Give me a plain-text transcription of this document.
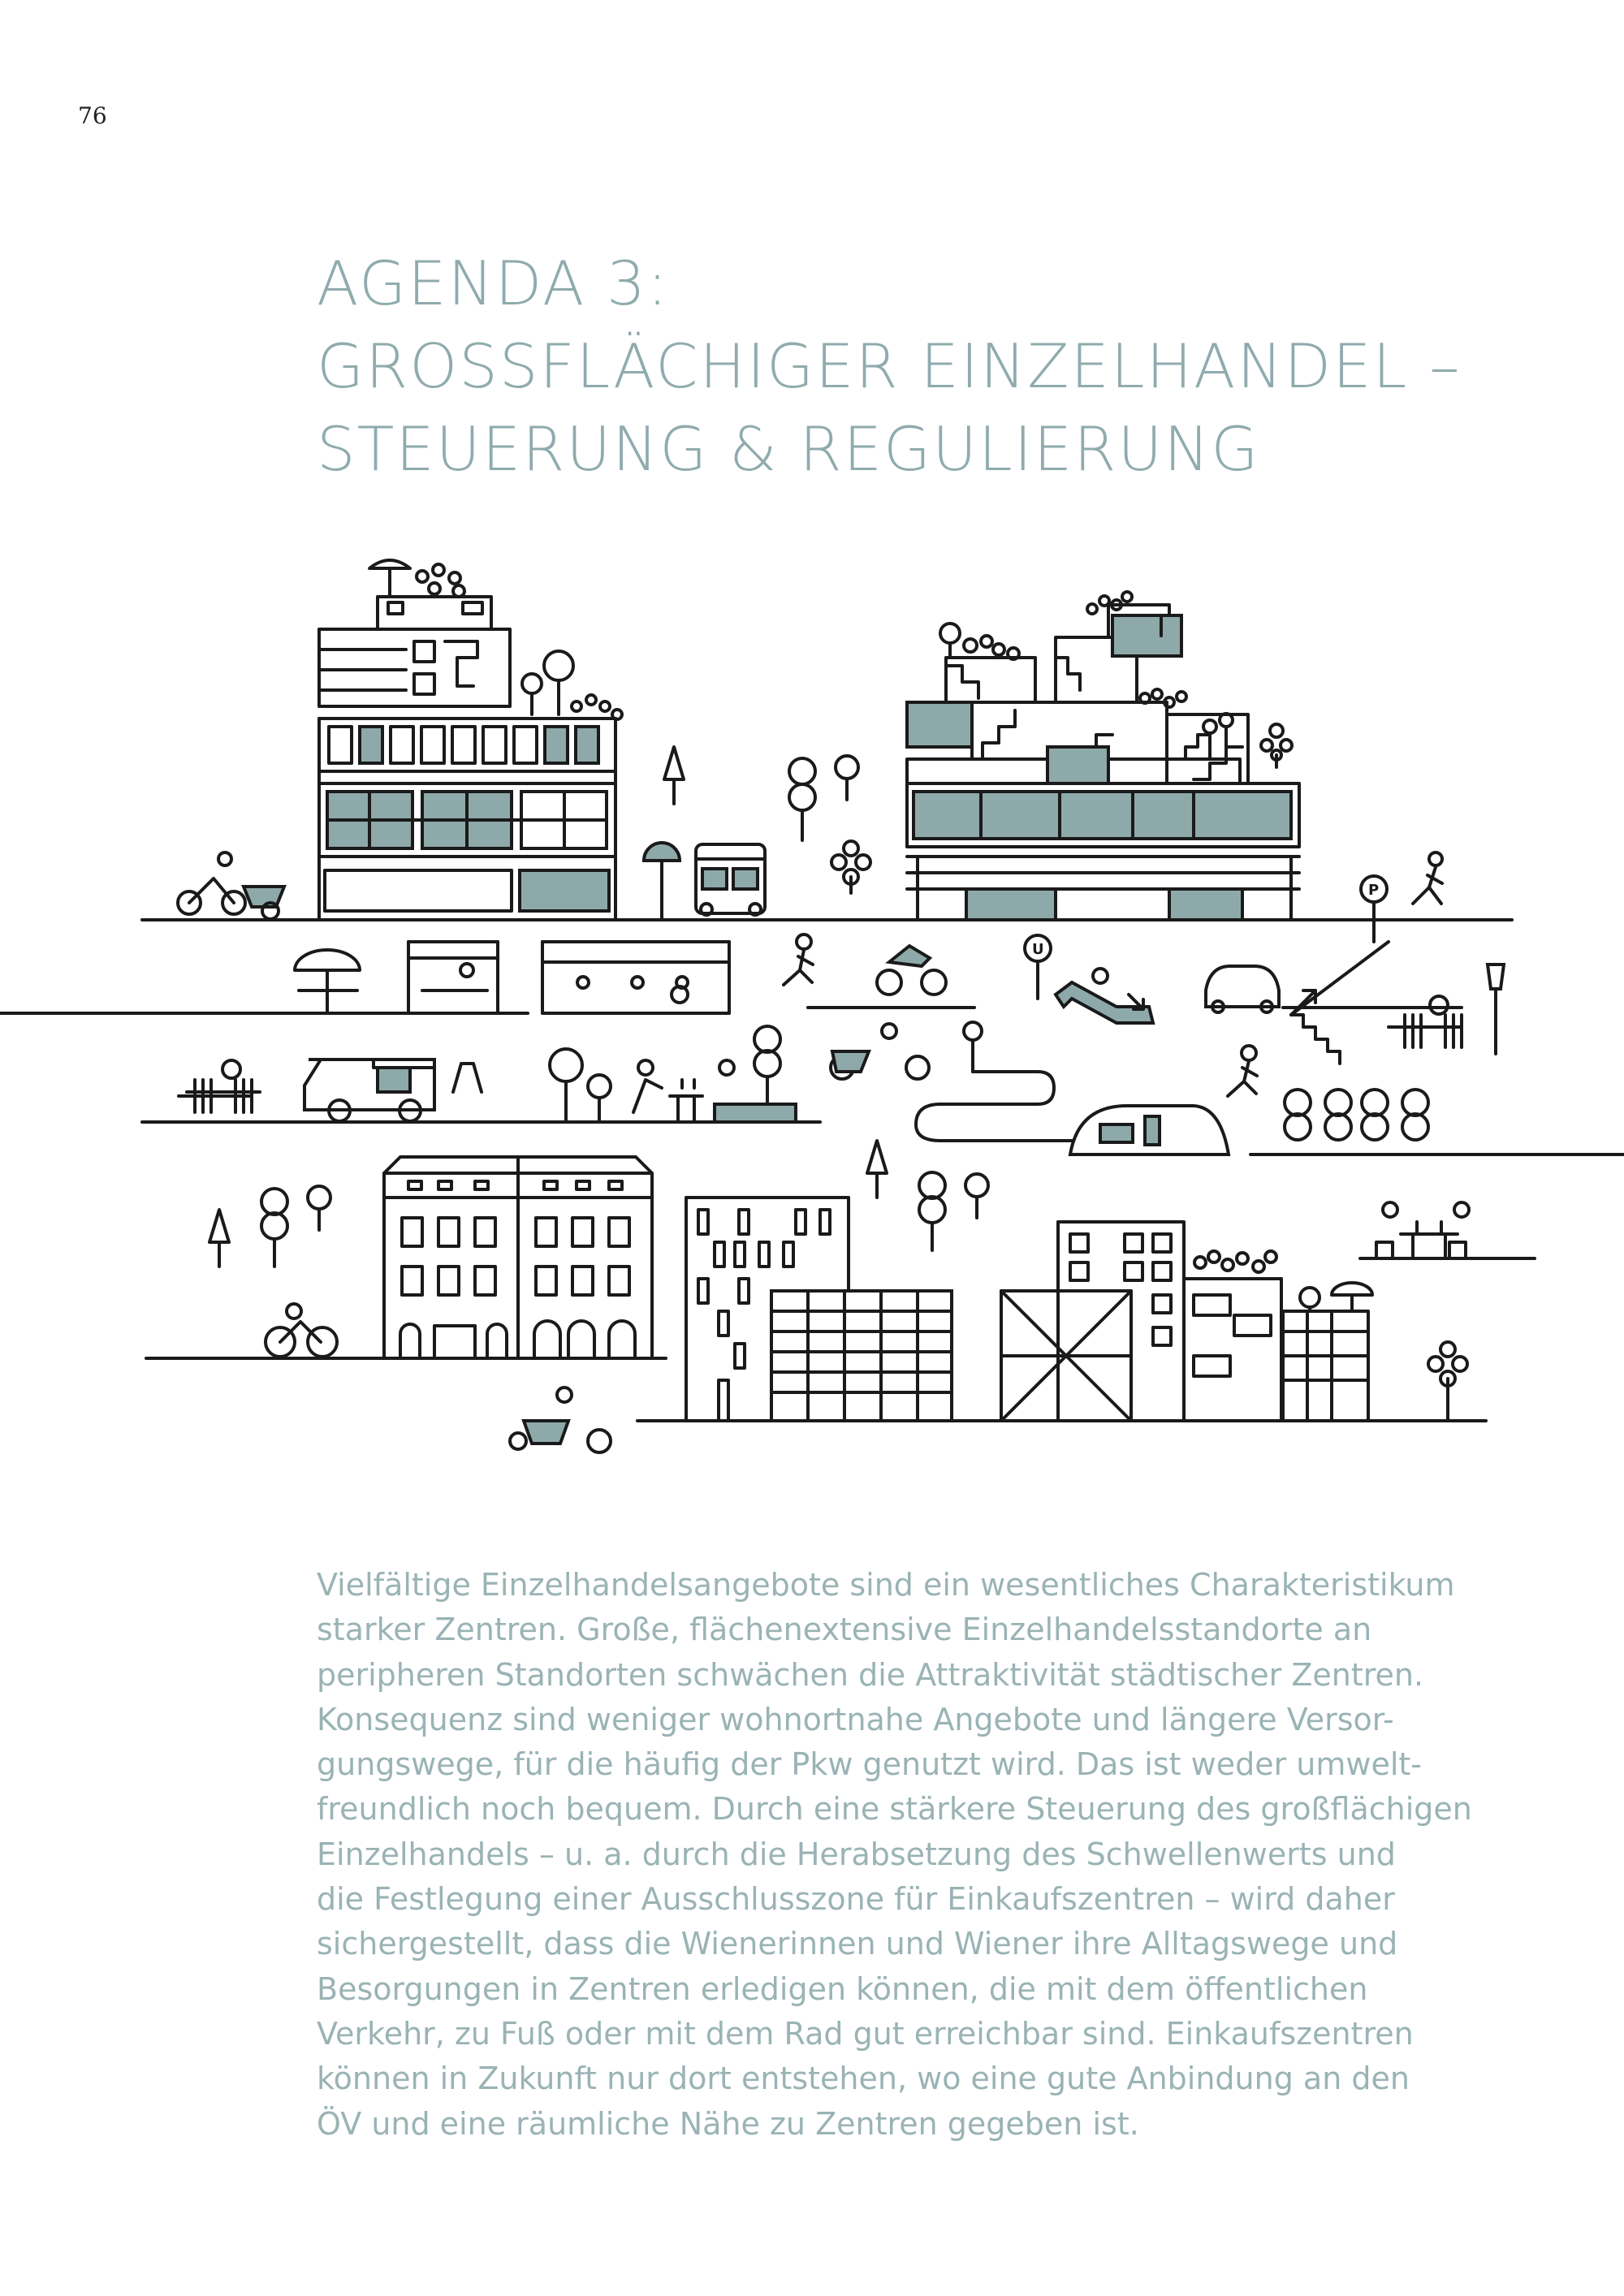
76
AGENDA 3:
GROSSFLÄCHIGER EINZELHANDEL –
STEUERUNG & REGULIERUNG
P
U

Vielfältige Einzelhandelsangebote sind ein wesentliches Charakteristikum
starker Zentren. Große, flächenextensive Einzelhandelsstandorte an
peripheren Standorten schwächen die Attraktivität städtischer Zentren.
Konsequenz sind weniger wohnortnahe Angebote und längere Versor-
gungswege, für die häufig der Pkw genutzt wird. Das ist weder umwelt-
freundlich noch bequem. Durch eine stärkere Steuerung des großflächigen
Einzelhandels – u. a. durch die Herabsetzung des Schwellenwerts und
die Festlegung einer Ausschlusszone für Einkaufszentren – wird daher
sichergestellt, dass die Wienerinnen und Wiener ihre Alltagswege und
Besorgungen in Zentren erledigen können, die mit dem öffentlichen
Verkehr, zu Fuß oder mit dem Rad gut erreichbar sind. Einkaufszentren
können in Zukunft nur dort entstehen, wo eine gute Anbindung an den
ÖV und eine räumliche Nähe zu Zentren gegeben ist.
